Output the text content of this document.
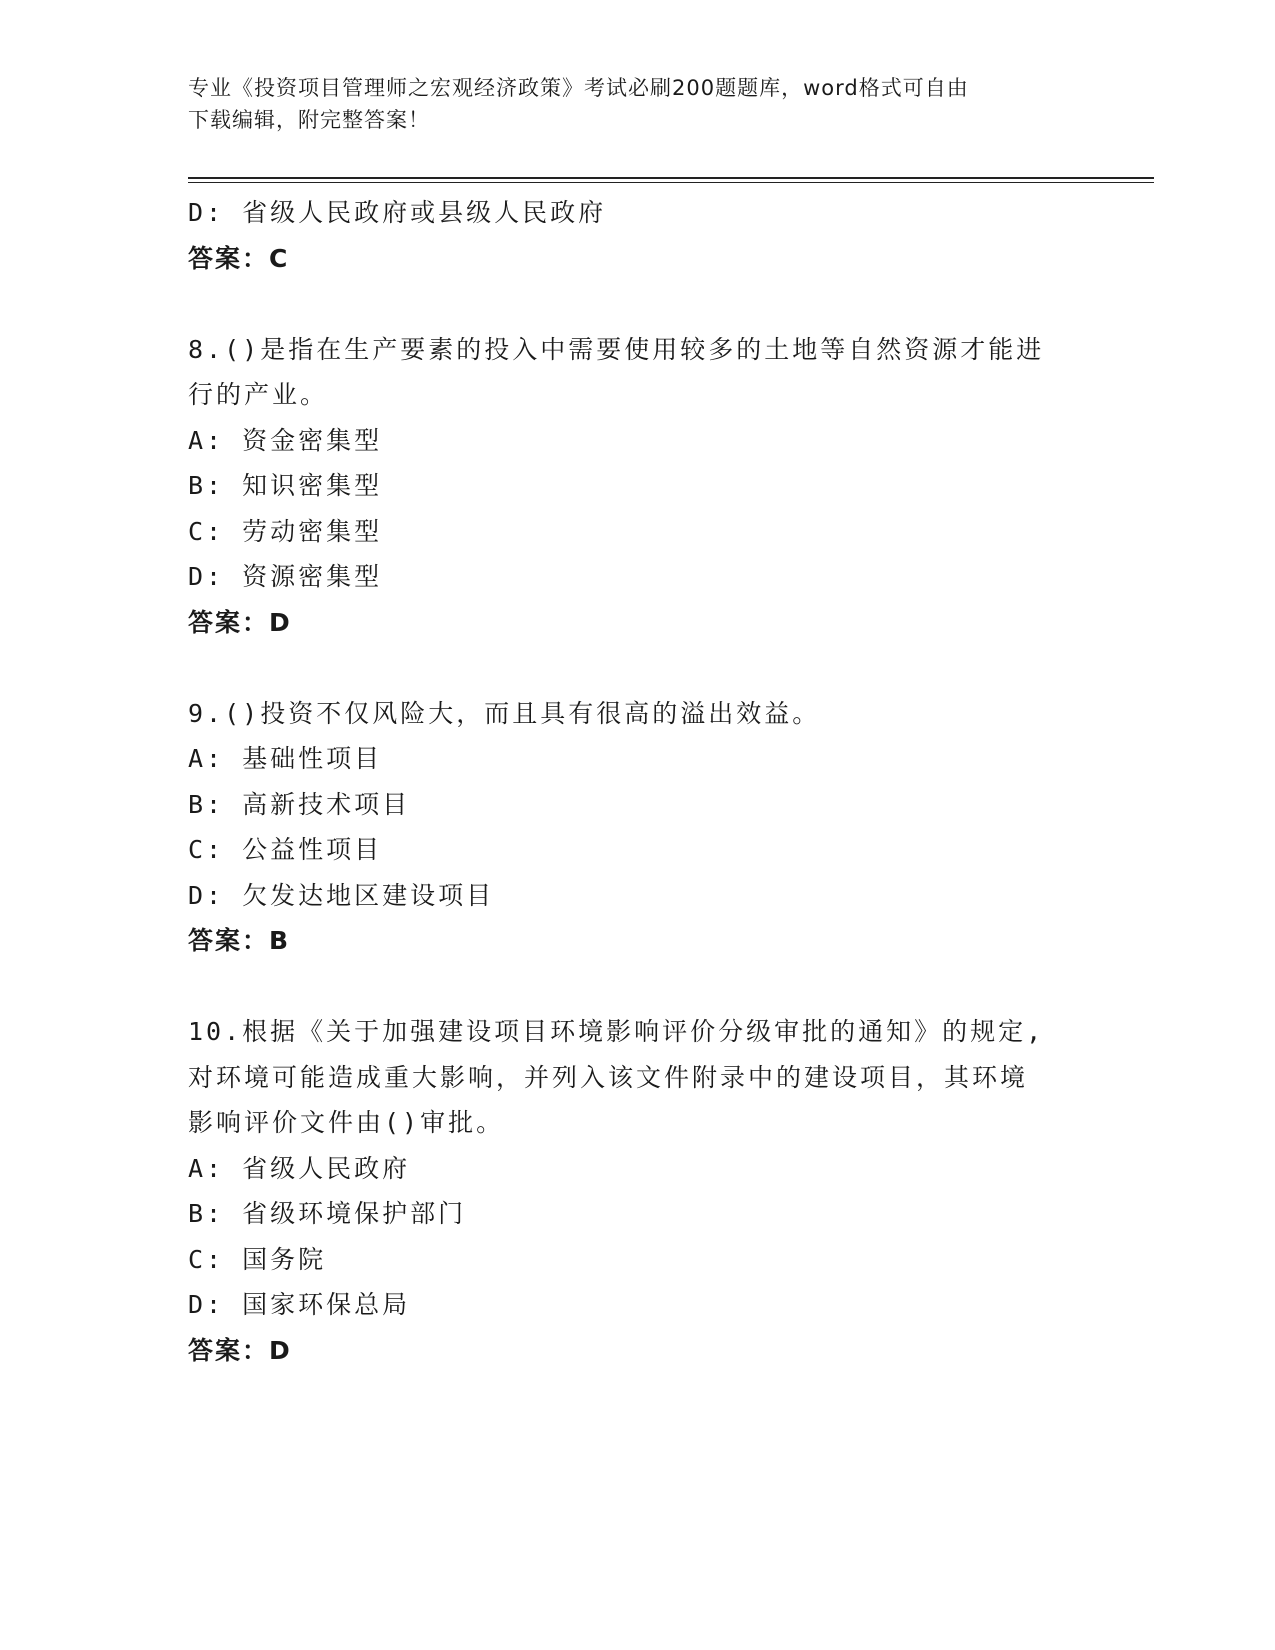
专业《投资项目管理师之宏观经济政策》考试必刷200题题库，word格式可自由
下载编辑，附完整答案！
D: 省级人民政府或县级人民政府
答案：C
8.()是指在生产要素的投入中需要使用较多的土地等自然资源才能进
行的产业。
A: 资金密集型
B: 知识密集型
C: 劳动密集型
D: 资源密集型
答案：D
9.()投资不仅风险大，而且具有很高的溢出效益。
A: 基础性项目
B: 高新技术项目
C: 公益性项目
D: 欠发达地区建设项目
答案：B
10.根据《关于加强建设项目环境影响评价分级审批的通知》的规定,
对环境可能造成重大影响，并列入该文件附录中的建设项目，其环境
影响评价文件由()审批。
A: 省级人民政府
B: 省级环境保护部门
C: 国务院
D: 国家环保总局
答案：D
